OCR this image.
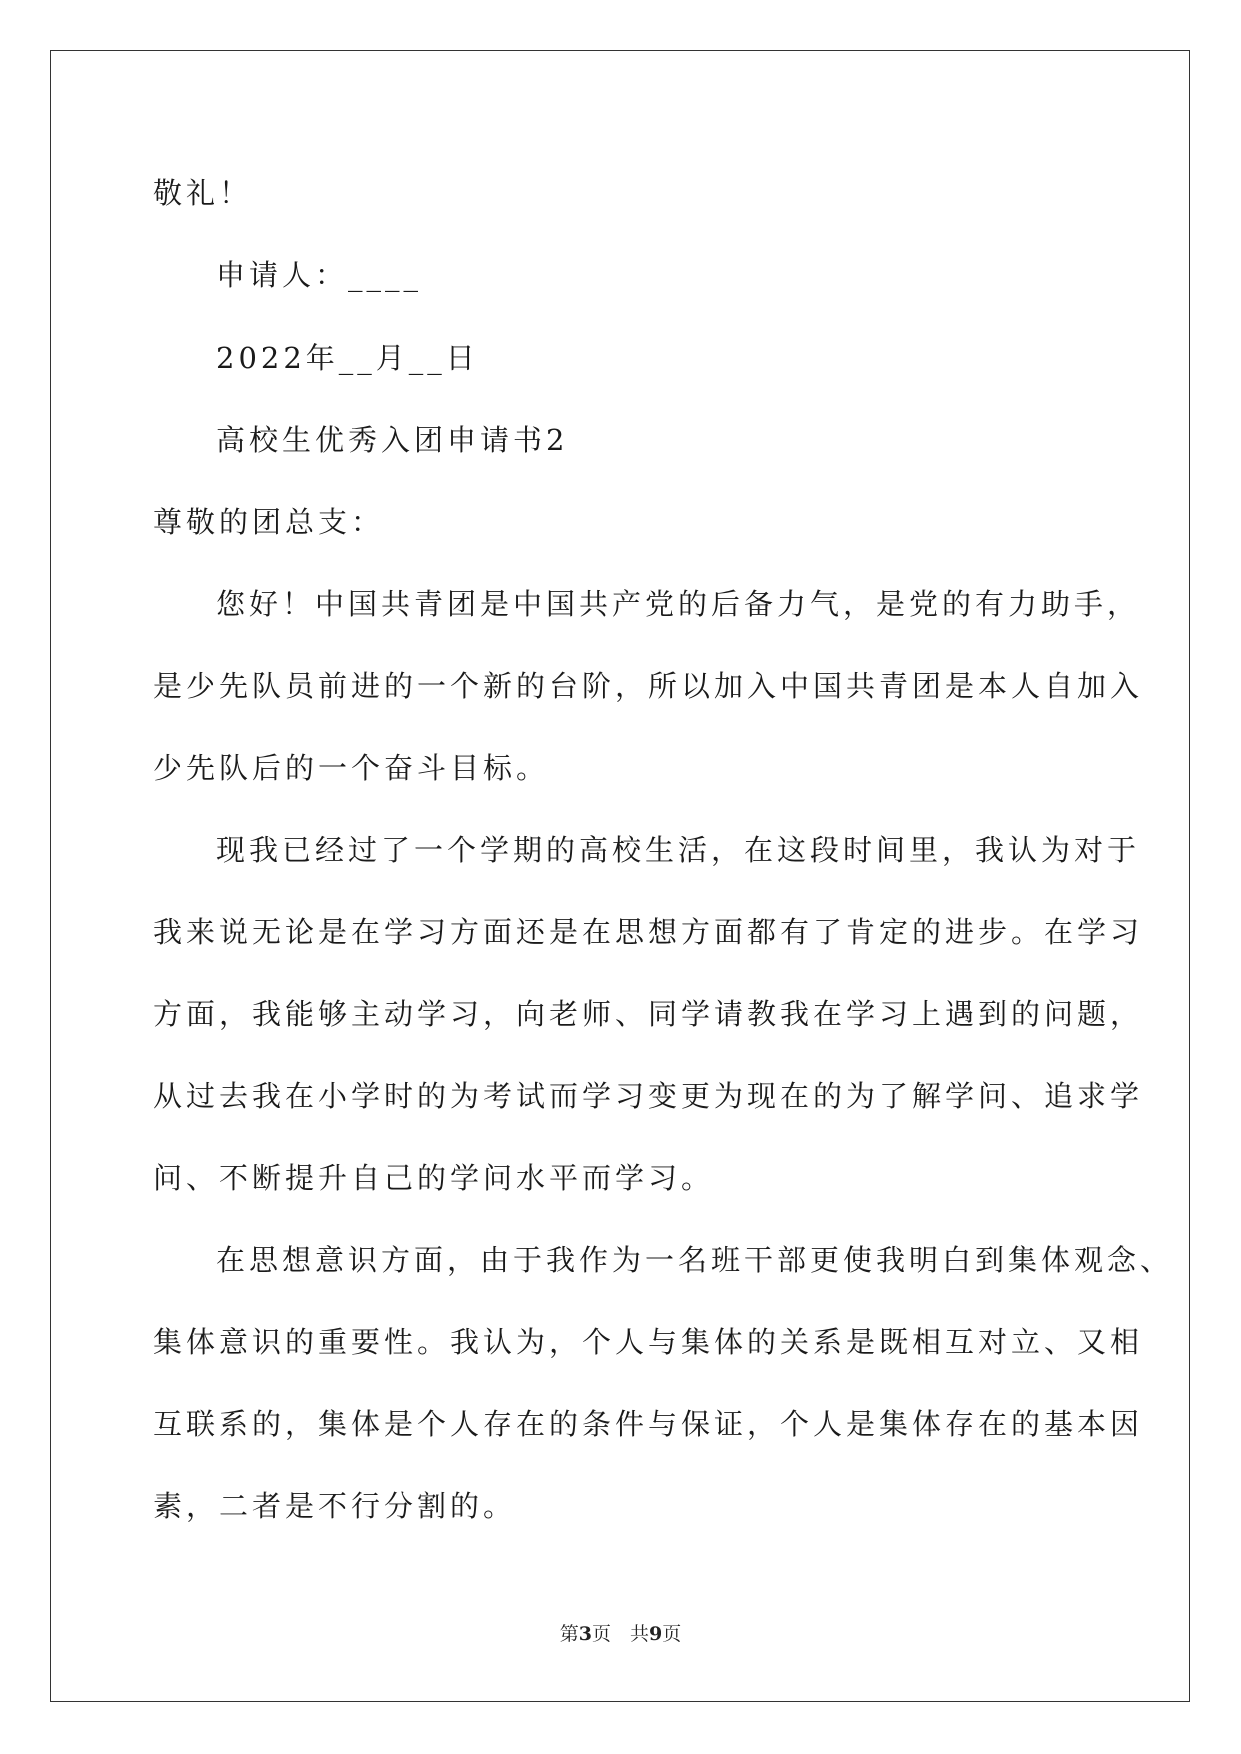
敬礼！
申请人：____
2022年__月__日
高校生优秀入团申请书2
尊敬的团总支：
您好！中国共青团是中国共产党的后备力气，是党的有力助手，
是少先队员前进的一个新的台阶，所以加入中国共青团是本人自加入
少先队后的一个奋斗目标。
现我已经过了一个学期的高校生活，在这段时间里，我认为对于
我来说无论是在学习方面还是在思想方面都有了肯定的进步。在学习
方面，我能够主动学习，向老师、同学请教我在学习上遇到的问题，
从过去我在小学时的为考试而学习变更为现在的为了解学问、追求学
问、不断提升自己的学问水平而学习。
在思想意识方面，由于我作为一名班干部更使我明白到集体观念、
集体意识的重要性。我认为，个人与集体的关系是既相互对立、又相
互联系的，集体是个人存在的条件与保证，个人是集体存在的基本因
素，二者是不行分割的。
第3页　共9页
